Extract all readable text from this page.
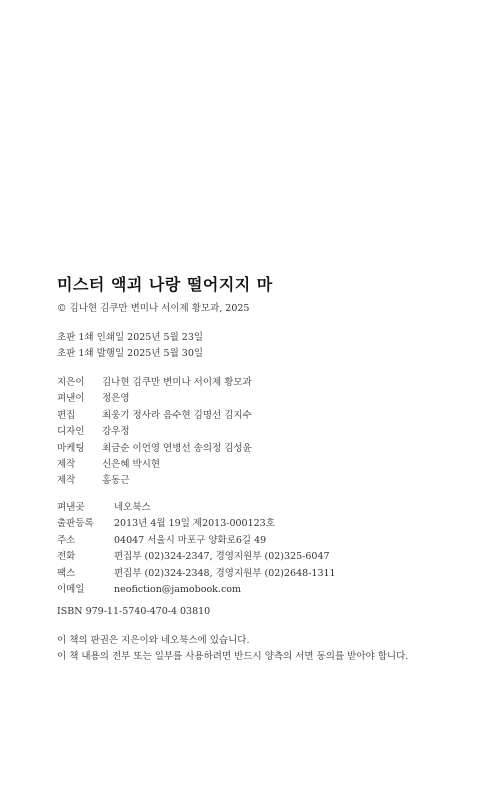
미스터 액괴 나랑 떨어지지 마
© 김나현 김쿠만 변미나 서이제 황모과, 2025
초판 1쇄 인쇄일 2025년 5월 23일
초판 1쇄 발행일 2025년 5월 30일
지은이	김나현 김쿠만 변미나 서이제 황모과
펴낸이	정은영
편집	최웅기 정사라 음수현 김명선 김지수
디자인	강우정
마케팅	최금순 이언영 연병선 송의정 김성윤
제작	신은혜 박시현
제작	홍동근
펴낸곳	네오북스
출판등록	2013년 4월 19일 제2013-000123호
주소	04047 서울시 마포구 양화로6길 49
전화	편집부 (02)324-2347, 경영지원부 (02)325-6047
팩스	편집부 (02)324-2348, 경영지원부 (02)2648-1311
이메일	neofiction@jamobook.com
ISBN 979-11-5740-470-4 03810
이 책의 판권은 지은이와 네오북스에 있습니다.
이 책 내용의 전부 또는 일부를 사용하려면 반드시 양측의 서면 동의를 받아야 합니다.
